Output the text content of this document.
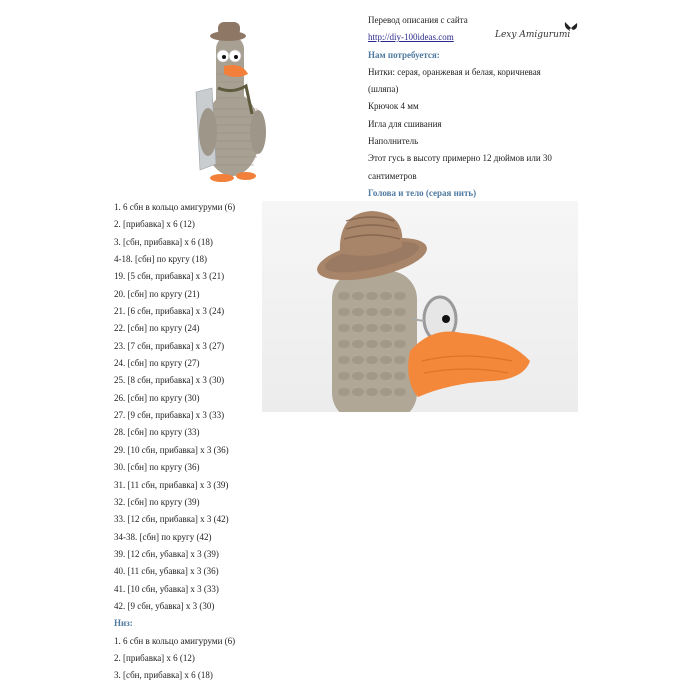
Перевод описания с сайта
http://diy-100ideas.com
Нам потребуется:
Нитки: серая, оранжевая и белая, коричневая
(шляпа)
Крючок 4 мм
Игла для сшивания
Наполнитель
Этот гусь в высоту примерно 12 дюймов или 30
сантиметров
Голова и тело (серая нить)
Lexy Amigurumi
1. 6 сбн в кольцо амигуруми (6)
2. [прибавка] x 6 (12)
3. [сбн, прибавка] x 6 (18)
4-18. [сбн] по кругу (18)
19. [5 сбн, прибавка] x 3 (21)
20. [сбн] по кругу (21)
21. [6 сбн, прибавка] x 3 (24)
22. [сбн] по кругу (24)
23. [7 сбн, прибавка] x 3 (27)
24. [сбн] по кругу (27)
25. [8 сбн, прибавка] x 3 (30)
26. [сбн] по кругу (30)
27. [9 сбн, прибавка] x 3 (33)
28. [сбн] по кругу (33)
29. [10 сбн, прибавка] x 3 (36)
30. [сбн] по кругу (36)
31. [11 сбн, прибавка] x 3 (39)
32. [сбн] по кругу (39)
33. [12 сбн, прибавка] x 3 (42)
34-38. [сбн] по кругу (42)
39. [12 сбн, убавка] x 3 (39)
40. [11 сбн, убавка] x 3 (36)
41. [10 сбн, убавка] x 3 (33)
42. [9 сбн, убавка] x 3 (30)
Низ:
1. 6 сбн в кольцо амигуруми (6)
2. [прибавка] x 6 (12)
3. [сбн, прибавка] x 6 (18)
